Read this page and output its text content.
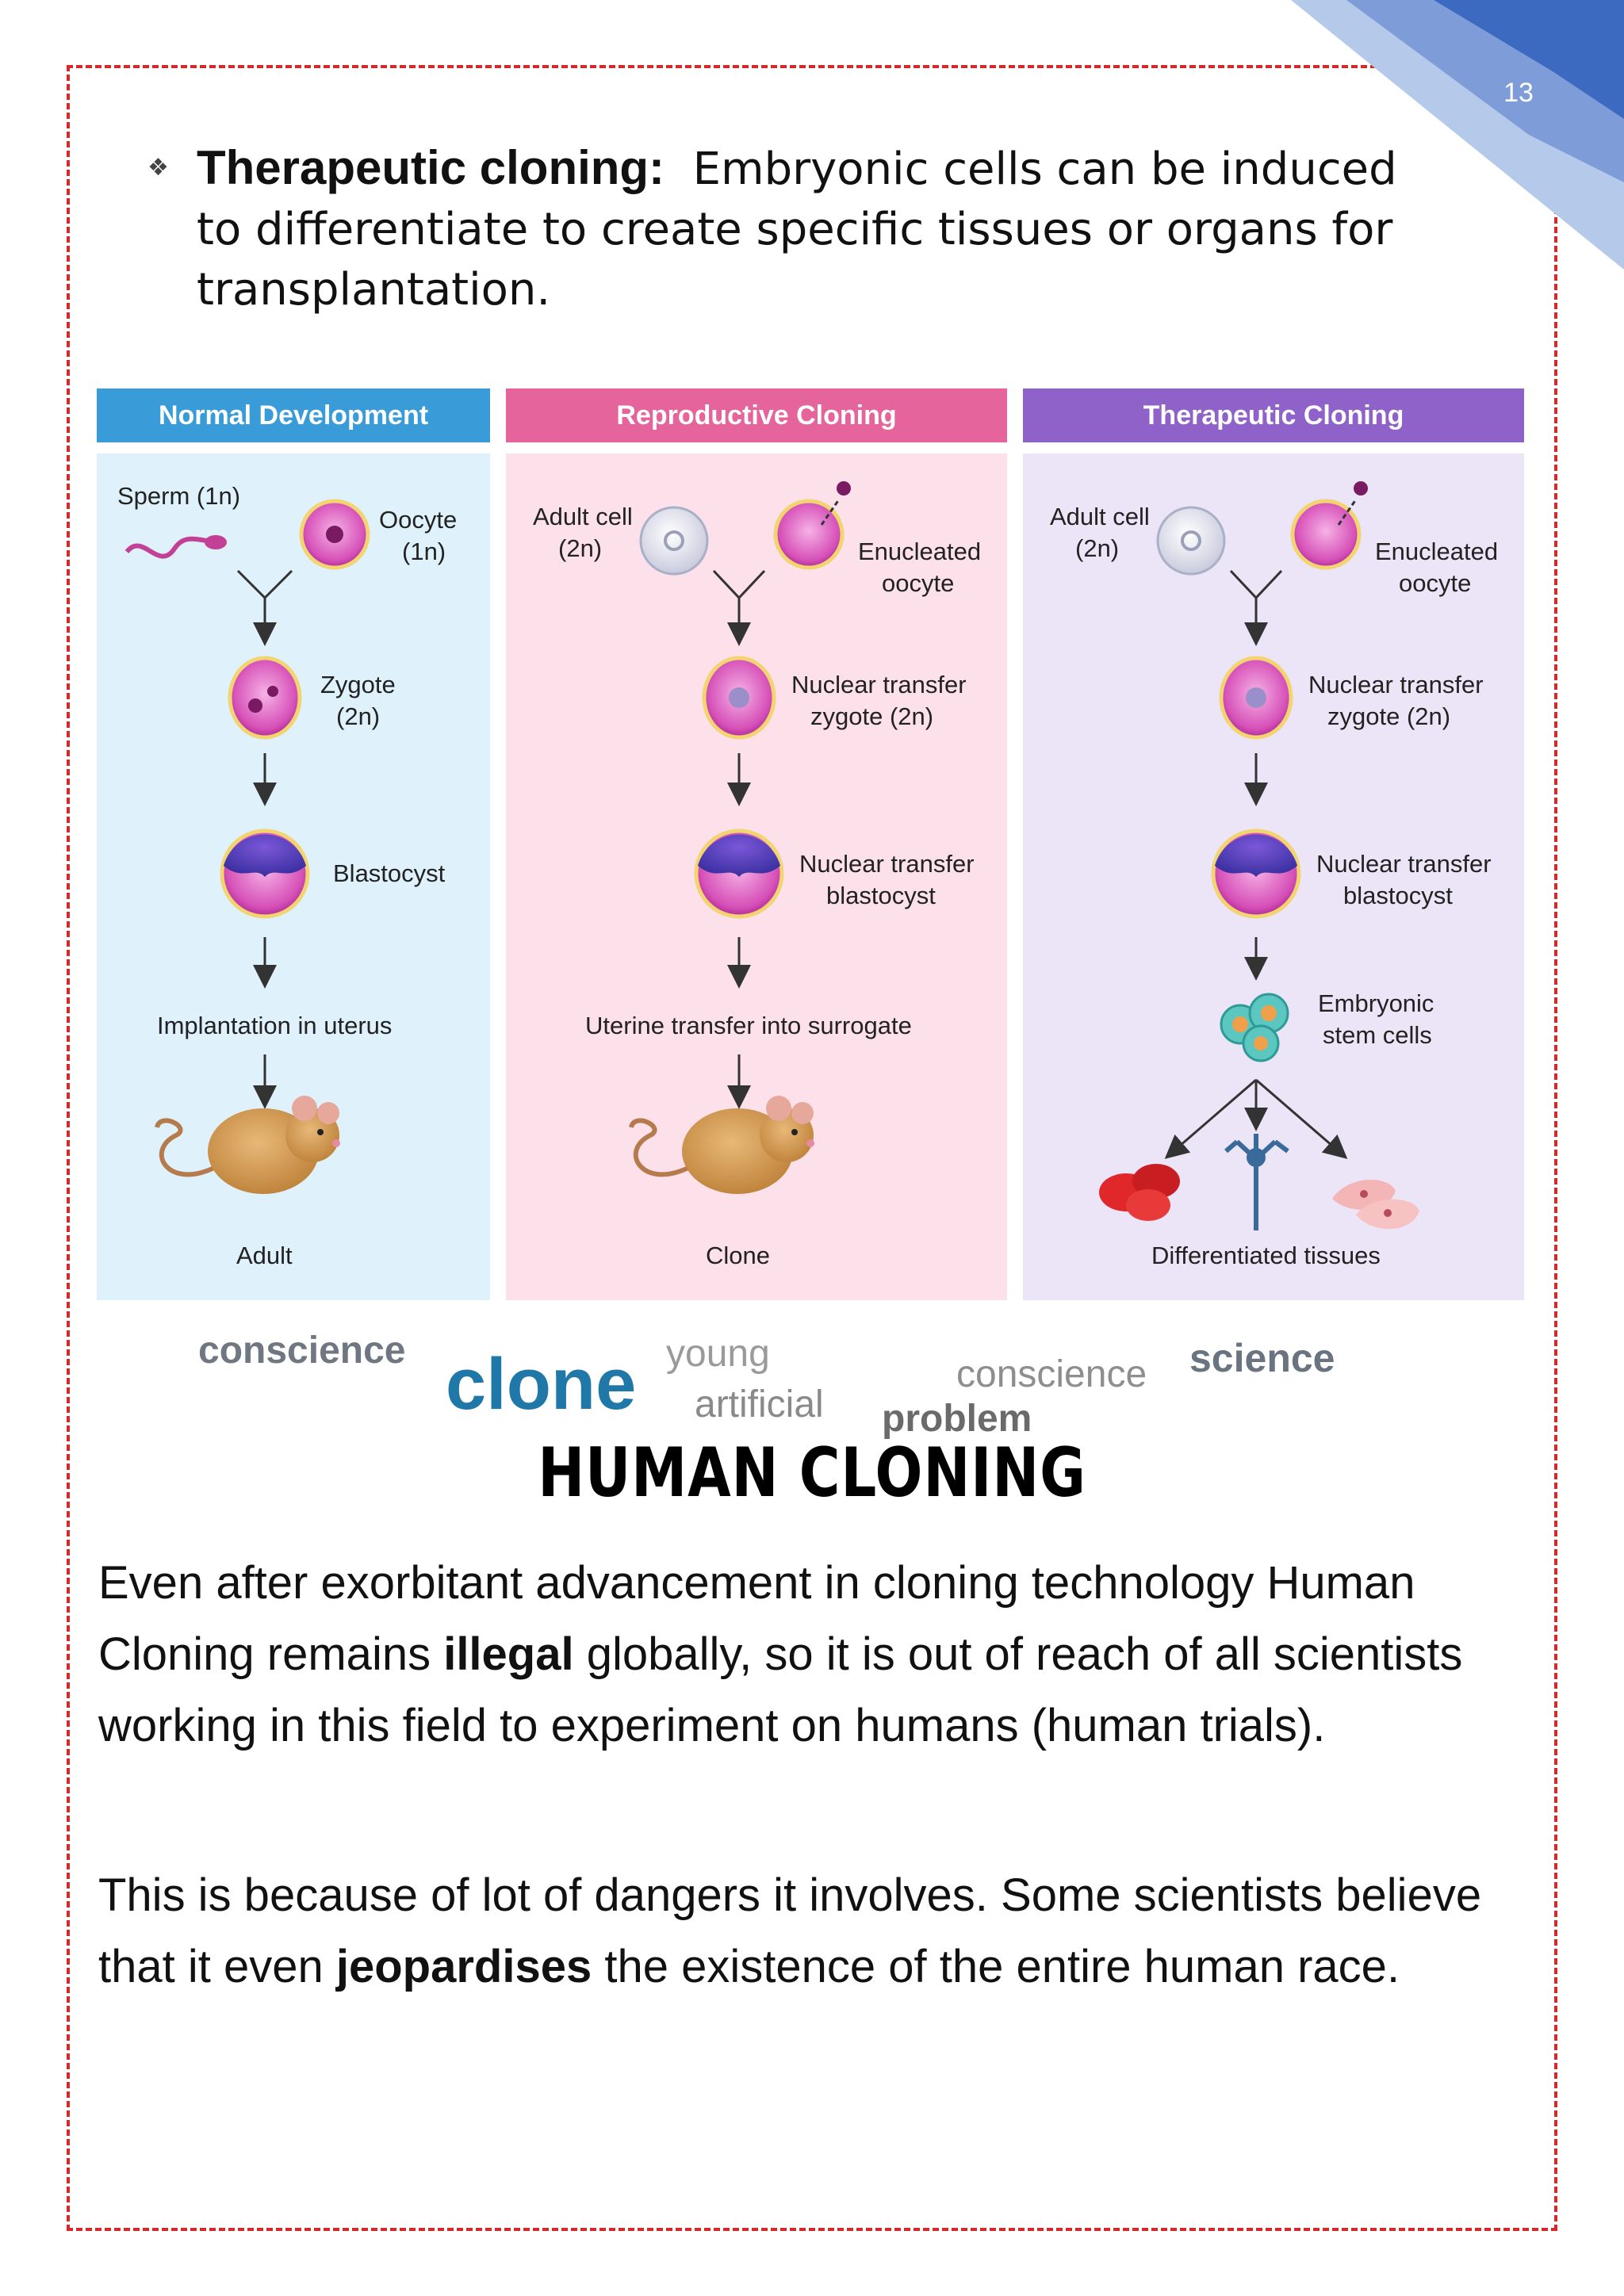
13
❖ Therapeutic cloning: Embryonic cells can be induced to differentiate to create specific tissues or organs for transplantation.
Normal Development
Sperm (1n)
Oocyte
(1n)
Zygote
(2n)
Blastocyst
Implantation in uterus
Adult
Reproductive Cloning
Adult cell
(2n)	Enucleated
oocyte
Nuclear transfer
zygote (2n)
Nuclear transfer
blastocyst
Uterine transfer into surrogate
Clone
Therapeutic Cloning
Adult cell
(2n)	Enucleated
oocyte
Nuclear transfer
zygote (2n)
Nuclear transfer
blastocyst
Embryonic
stem cells
Differentiated tissues
conscience clone young
artificial
conscience science
problem
HUMAN CLONING
Even after exorbitant advancement in cloning technology Human Cloning remains illegal globally, so it is out of reach of all scientists working in this field to experiment on humans (human trials).
This is because of lot of dangers it involves. Some scientists believe that it even jeopardises the existence of the entire human race.
